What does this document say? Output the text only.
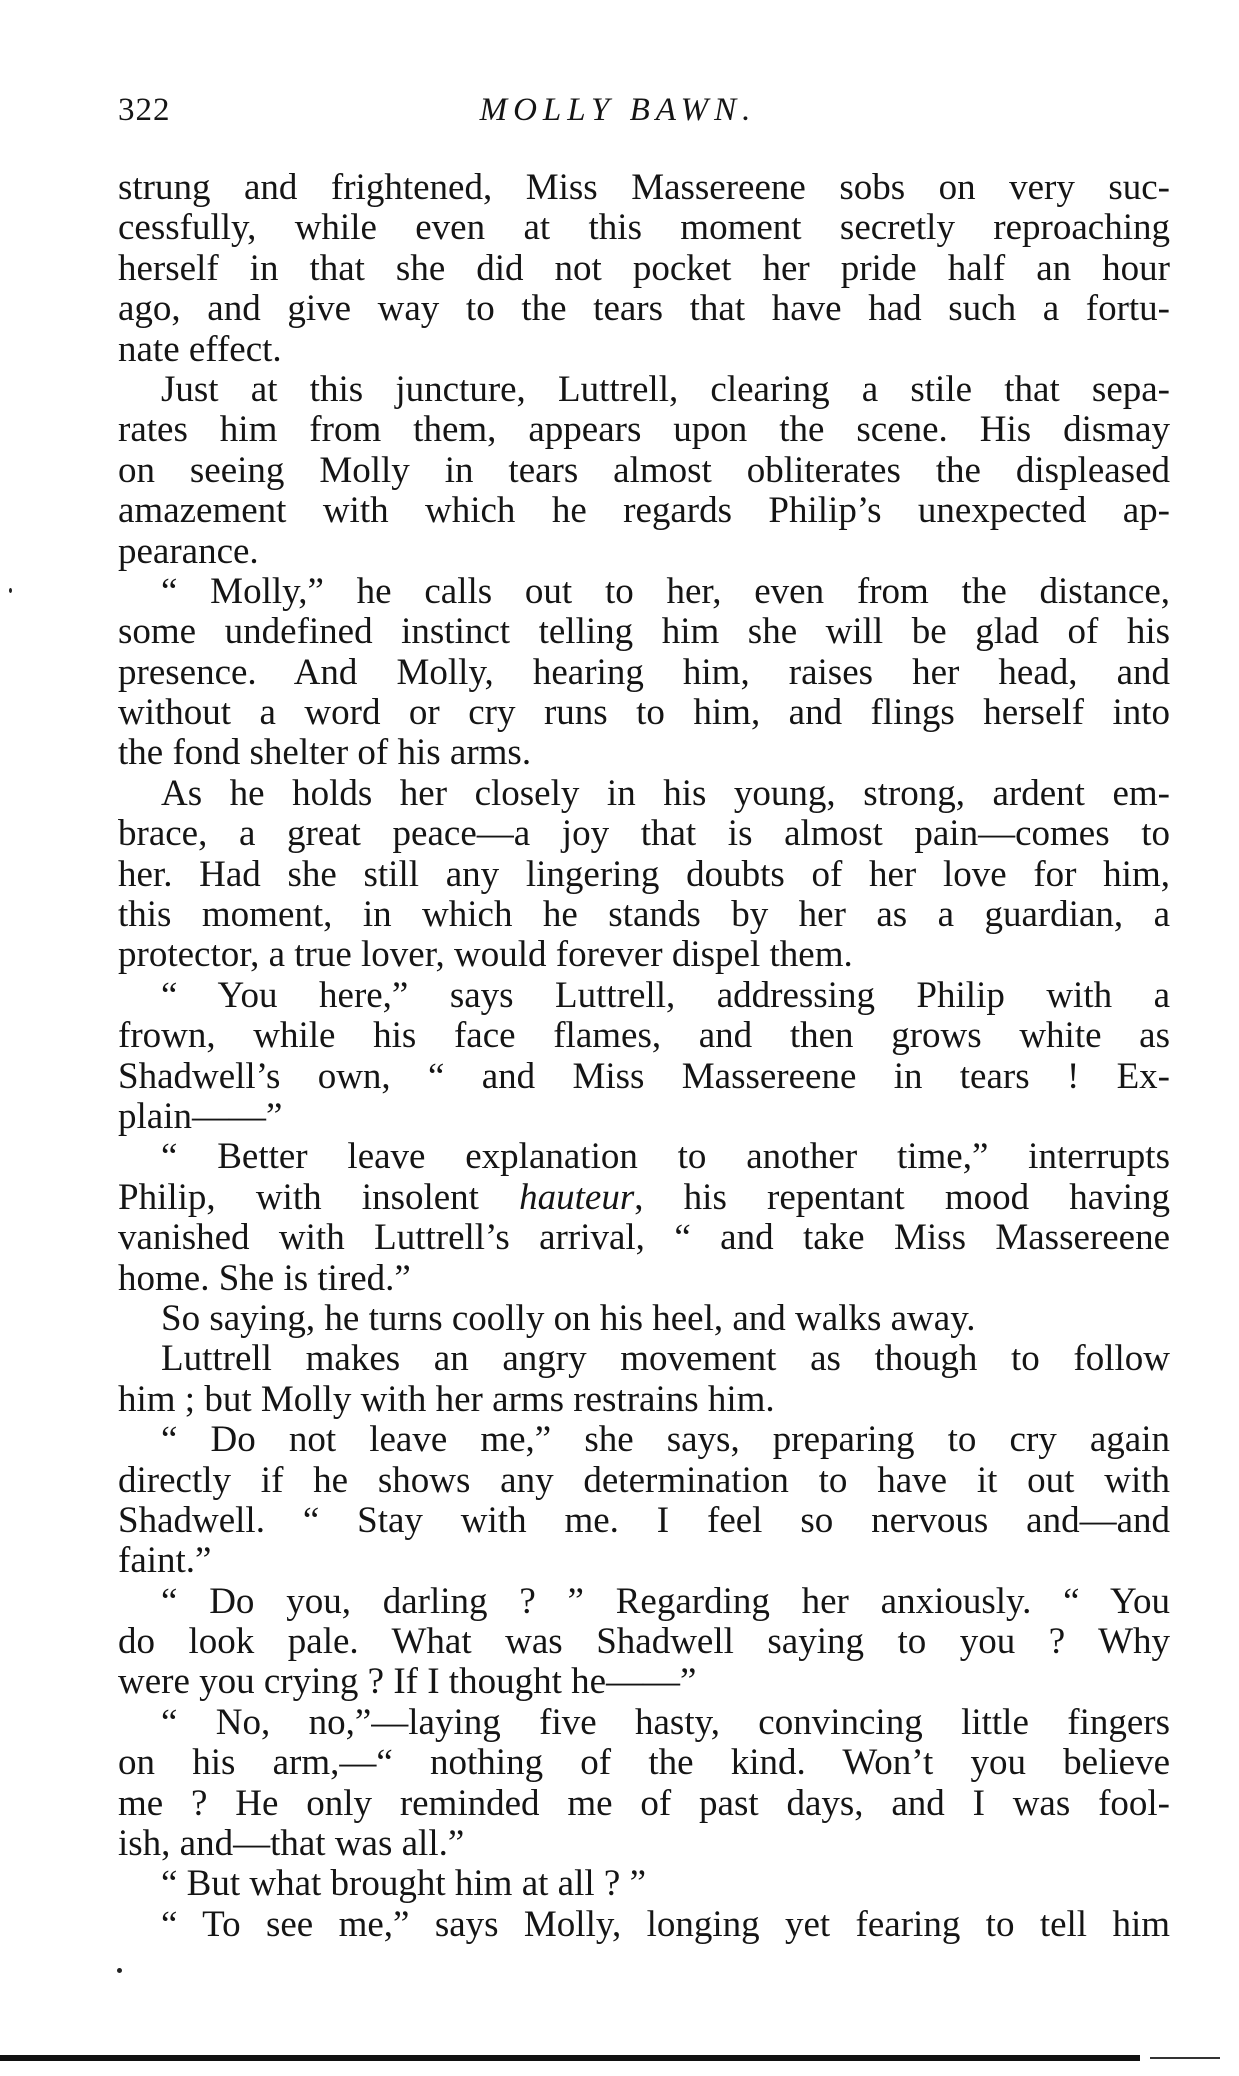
322	MOLLY BAWN.
strung and frightened, Miss Massereene sobs on very suc-
cessfully, while even at this moment secretly reproaching
herself in that she did not pocket her pride half an hour
ago, and give way to the tears that have had such a fortu-
nate effect.
Just at this juncture, Luttrell, clearing a stile that sepa-
rates him from them, appears upon the scene. His dismay
on seeing Molly in tears almost obliterates the displeased
amazement with which he regards Philip’s unexpected ap-
pearance.
“ Molly,” he calls out to her, even from the distance,
some undefined instinct telling him she will be glad of his
presence. And Molly, hearing him, raises her head, and
without a word or cry runs to him, and flings herself into
the fond shelter of his arms.
As he holds her closely in his young, strong, ardent em-
brace, a great peace—a joy that is almost pain—comes to
her. Had she still any lingering doubts of her love for him,
this moment, in which he stands by her as a guardian, a
protector, a true lover, would forever dispel them.
“ You here,” says Luttrell, addressing Philip with a
frown, while his face flames, and then grows white as
Shadwell’s own, “ and Miss Massereene in tears ! Ex-
plain——”
“ Better leave explanation to another time,” interrupts
Philip, with insolent hauteur, his repentant mood having
vanished with Luttrell’s arrival, “ and take Miss Massereene
home. She is tired.”
So saying, he turns coolly on his heel, and walks away.
Luttrell makes an angry movement as though to follow
him ; but Molly with her arms restrains him.
“ Do not leave me,” she says, preparing to cry again
directly if he shows any determination to have it out with
Shadwell. “ Stay with me. I feel so nervous and—and
faint.”
“ Do you, darling ? ” Regarding her anxiously. “ You
do look pale. What was Shadwell saying to you ? Why
were you crying ? If I thought he——”
“ No, no,”—laying five hasty, convincing little fingers
on his arm,—“ nothing of the kind. Won’t you believe
me ? He only reminded me of past days, and I was fool-
ish, and—that was all.”
“ But what brought him at all ? ”
“ To see me,” says Molly, longing yet fearing to tell him
